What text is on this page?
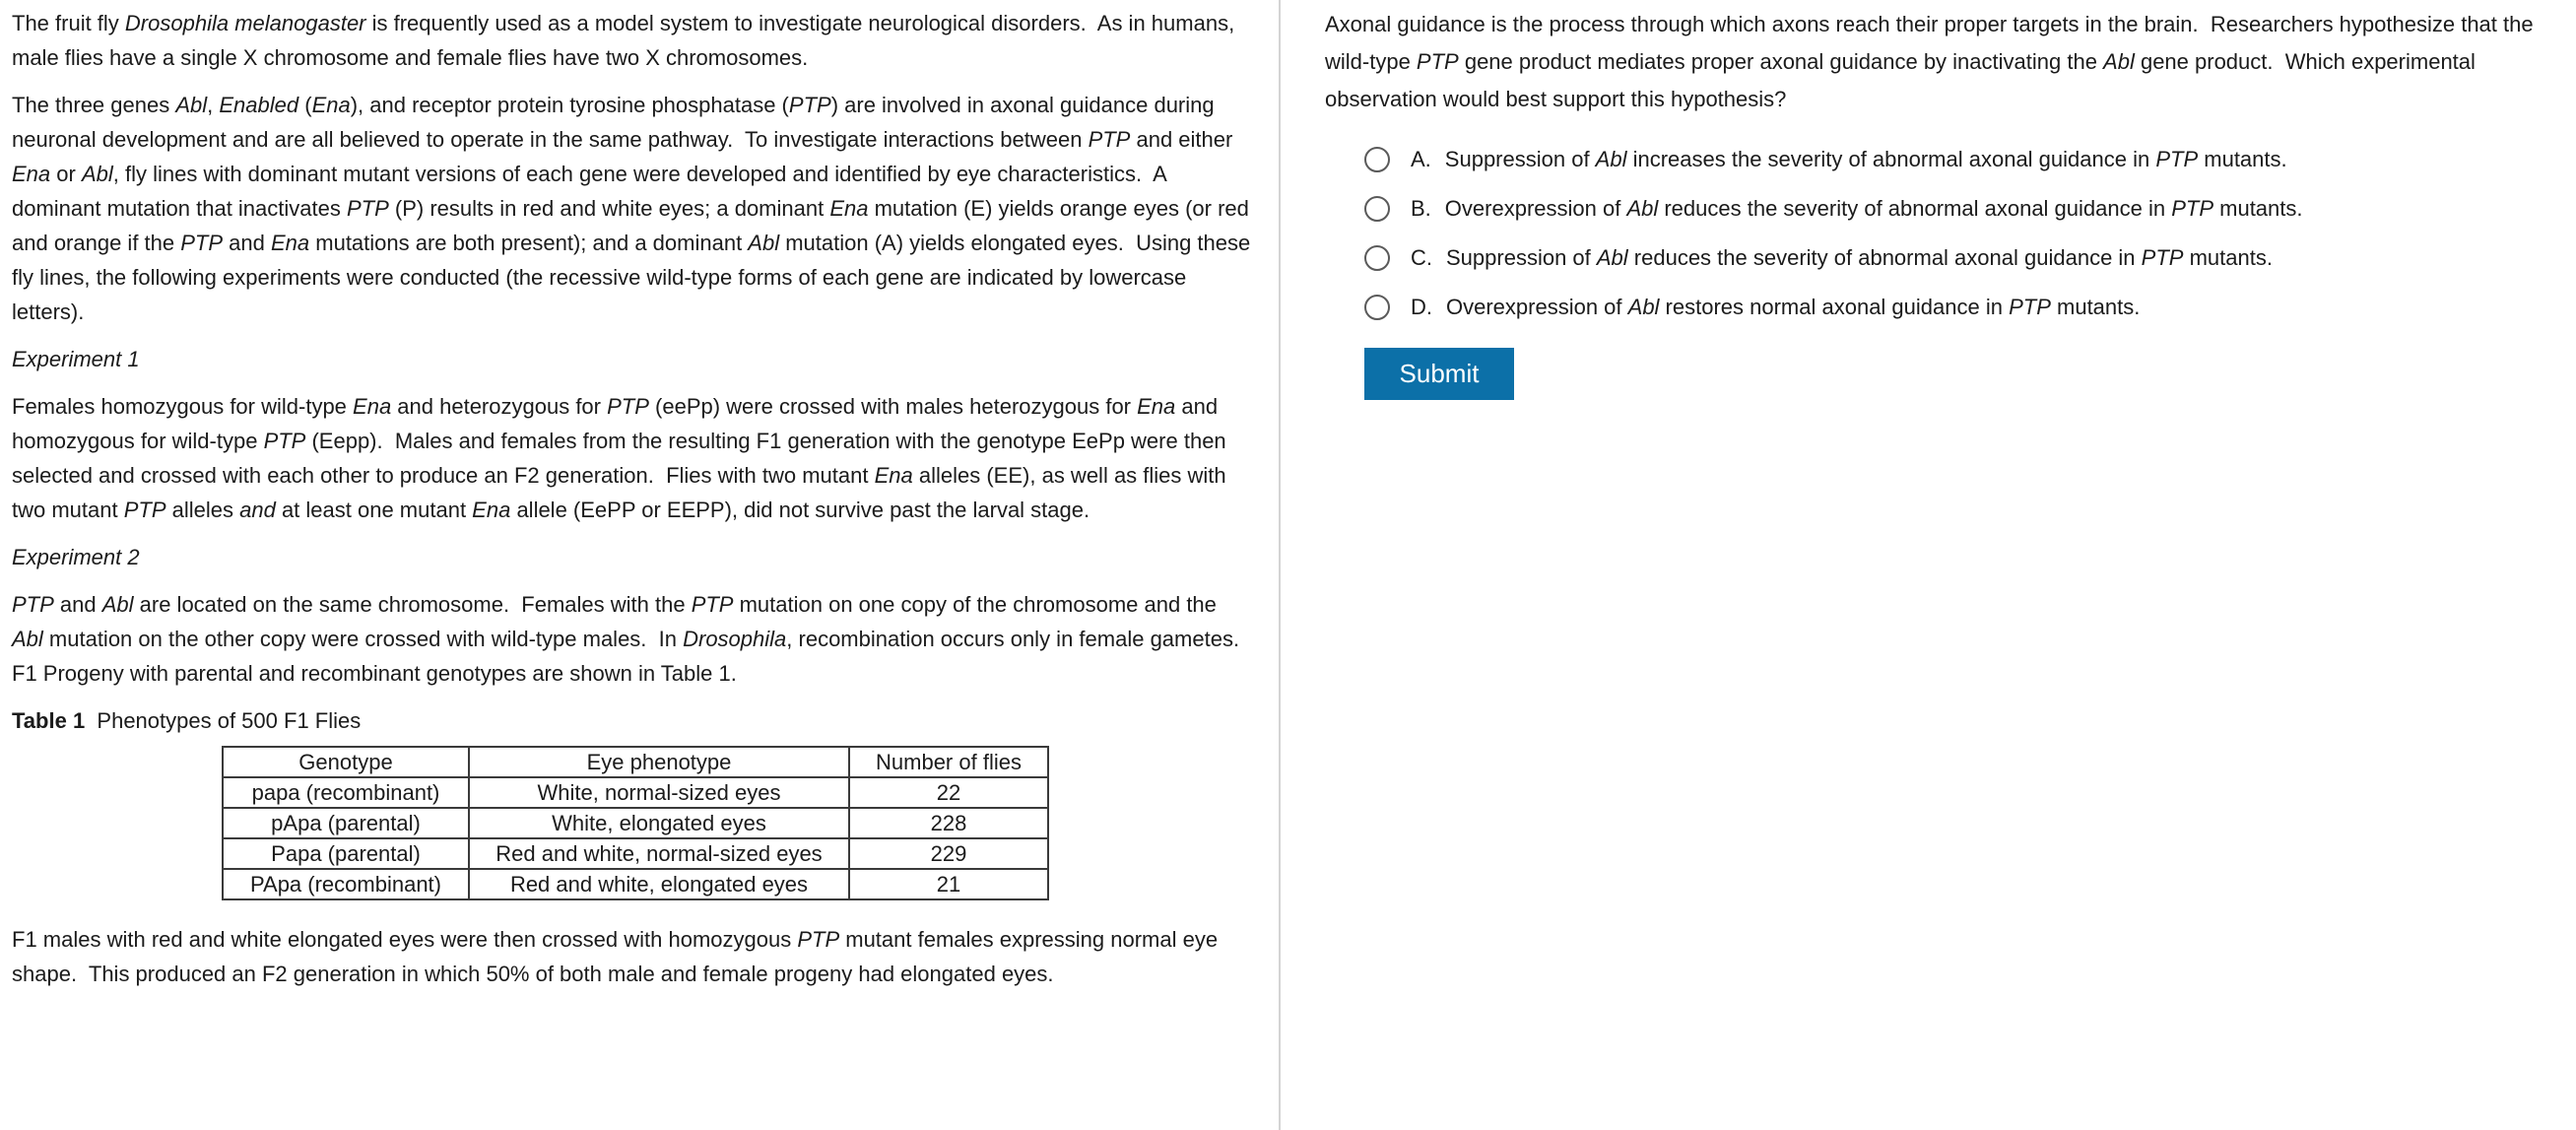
The fruit fly Drosophila melanogaster is frequently used as a model system to investigate neurological disorders.  As in humans, male flies have a single X chromosome and female flies have two X chromosomes.

The three genes Abl, Enabled (Ena), and receptor protein tyrosine phosphatase (PTP) are involved in axonal guidance during neuronal development and are all believed to operate in the same pathway.  To investigate interactions between PTP and either Ena or Abl, fly lines with dominant mutant versions of each gene were developed and identified by eye characteristics.  A dominant mutation that inactivates PTP (P) results in red and white eyes; a dominant Ena mutation (E) yields orange eyes (or red and orange if the PTP and Ena mutations are both present); and a dominant Abl mutation (A) yields elongated eyes.  Using these fly lines, the following experiments were conducted (the recessive wild-type forms of each gene are indicated by lowercase letters).

Experiment 1

Females homozygous for wild-type Ena and heterozygous for PTP (eePp) were crossed with males heterozygous for Ena and homozygous for wild-type PTP (Eepp).  Males and females from the resulting F1 generation with the genotype EePp were then selected and crossed with each other to produce an F2 generation.  Flies with two mutant Ena alleles (EE), as well as flies with two mutant PTP alleles and at least one mutant Ena allele (EePP or EEPP), did not survive past the larval stage.

Experiment 2

PTP and Abl are located on the same chromosome.  Females with the PTP mutation on one copy of the chromosome and the Abl mutation on the other copy were crossed with wild-type males.  In Drosophila, recombination occurs only in female gametes.  F1 Progeny with parental and recombinant genotypes are shown in Table 1.

Table 1  Phenotypes of 500 F1 Flies

Genotype	Eye phenotype	Number of flies
papa (recombinant)	White, normal-sized eyes	22
pApa (parental)	White, elongated eyes	228
Papa (parental)	Red and white, normal-sized eyes	229
PApa (recombinant)	Red and white, elongated eyes	21

F1 males with red and white elongated eyes were then crossed with homozygous PTP mutant females expressing normal eye shape.  This produced an F2 generation in which 50% of both male and female progeny had elongated eyes.

Axonal guidance is the process through which axons reach their proper targets in the brain.  Researchers hypothesize that the wild-type PTP gene product mediates proper axonal guidance by inactivating the Abl gene product.  Which experimental observation would best support this hypothesis?

A. Suppression of Abl increases the severity of abnormal axonal guidance in PTP mutants.
B. Overexpression of Abl reduces the severity of abnormal axonal guidance in PTP mutants.
C. Suppression of Abl reduces the severity of abnormal axonal guidance in PTP mutants.
D. Overexpression of Abl restores normal axonal guidance in PTP mutants.
Submit
